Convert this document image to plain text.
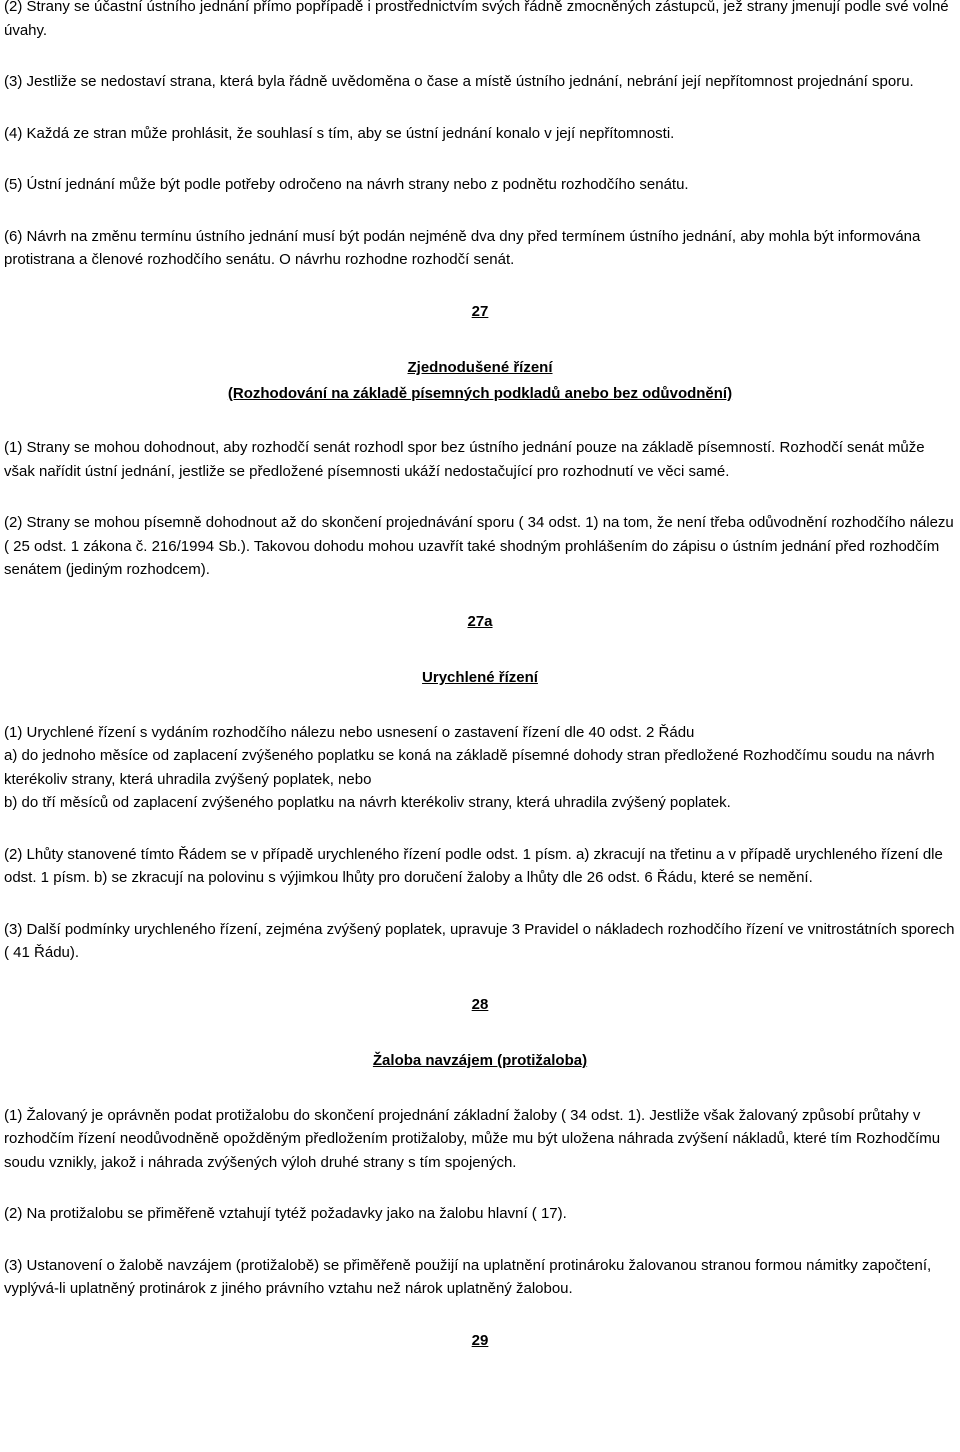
(2) Strany se účastní ústního jednání přímo popřípadě i prostřednictvím svých řádně zmocněných zástupců, jež strany jmenují podle své volné úvahy.

(3) Jestliže se nedostaví strana, která byla řádně uvědoměna o čase a místě ústního jednání, nebrání její nepřítomnost projednání sporu.

(4) Každá ze stran může prohlásit, že souhlasí s tím, aby se ústní jednání konalo v její nepřítomnosti.

(5) Ústní jednání může být podle potřeby odročeno na návrh strany nebo z podnětu rozhodčího senátu.

(6) Návrh na změnu termínu ústního jednání musí být podán nejméně dva dny před termínem ústního jednání, aby mohla být informována protistrana a členové rozhodčího senátu. O návrhu rozhodne rozhodčí senát.

27
Zjednodušené řízení
(Rozhodování na základě písemných podkladů anebo bez odůvodnění)

(1) Strany se mohou dohodnout, aby rozhodčí senát rozhodl spor bez ústního jednání pouze na základě písemností. Rozhodčí senát může však nařídit ústní jednání, jestliže se předložené písemnosti ukáží nedostačující pro rozhodnutí ve věci samé.

(2) Strany se mohou písemně dohodnout až do skončení projednávání sporu ( 34 odst. 1) na tom, že není třeba odůvodnění rozhodčího nálezu ( 25 odst. 1 zákona č. 216/1994 Sb.). Takovou dohodu mohou uzavřít také shodným prohlášením do zápisu o ústním jednání před rozhodčím senátem (jediným rozhodcem).

27a
Urychlené řízení

(1) Urychlené řízení s vydáním rozhodčího nálezu nebo usnesení o zastavení řízení dle 40 odst. 2 Řádu
a) do jednoho měsíce od zaplacení zvýšeného poplatku se koná na základě písemné dohody stran předložené Rozhodčímu soudu na návrh kterékoliv strany, která uhradila zvýšený poplatek, nebo
b) do tří měsíců od zaplacení zvýšeného poplatku na návrh kterékoliv strany, která uhradila zvýšený poplatek.

(2) Lhůty stanovené tímto Řádem se v případě urychleného řízení podle odst. 1 písm. a) zkracují na třetinu a v případě urychleného řízení dle odst. 1 písm. b) se zkracují na polovinu s výjimkou lhůty pro doručení žaloby a lhůty dle 26 odst. 6 Řádu, které se nemění.

(3) Další podmínky urychleného řízení, zejména zvýšený poplatek, upravuje 3 Pravidel o nákladech rozhodčího řízení ve vnitrostátních sporech ( 41 Řádu).

28
Žaloba navzájem (protižaloba)

(1) Žalovaný je oprávněn podat protižalobu do skončení projednání základní žaloby ( 34 odst. 1). Jestliže však žalovaný způsobí průtahy v rozhodčím řízení neodůvodněně opožděným předložením protižaloby, může mu být uložena náhrada zvýšení nákladů, které tím Rozhodčímu soudu vznikly, jakož i náhrada zvýšených výloh druhé strany s tím spojených.

(2) Na protižalobu se přiměřeně vztahují tytéž požadavky jako na žalobu hlavní ( 17).

(3) Ustanovení o žalobě navzájem (protižalobě) se přiměřeně použijí na uplatnění protinároku žalovanou stranou formou námitky započtení, vyplývá-li uplatněný protinárok z jiného právního vztahu než nárok uplatněný žalobou.

29
